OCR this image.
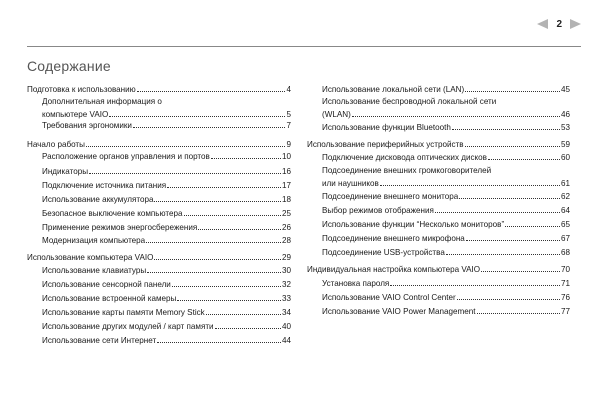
2
Содержание
Подготовка к использованию	4
Дополнительная информация о
компьютере VAIO	5
Требования эргономики	7
Начало работы	9
Расположение органов управления и портов	10
Индикаторы	16
Подключение источника питания	17
Использование аккумулятора	18
Безопасное выключение компьютера	25
Применение режимов энергосбережения	26
Модернизация компьютера	28
Использование компьютера VAIO	29
Использование клавиатуры	30
Использование сенсорной панели	32
Использование встроенной камеры	33
Использование карты памяти Memory Stick	34
Использование других модулей / карт памяти	40
Использование сети Интернет	44
Использование локальной сети (LAN)	45
Использование беспроводной локальной сети
(WLAN)	46
Использование функции Bluetooth	53
Использование периферийных устройств	59
Подключение дисковода оптических дисков	60
Подсоединение внешних громкоговорителей
или наушников	61
Подсоединение внешнего монитора	62
Выбор режимов отображения	64
Использование функции “Несколько мониторов”	65
Подсоединение внешнего микрофона	67
Подсоединение USB-устройства	68
Индивидуальная настройка компьютера VAIO	70
Установка пароля	71
Использование VAIO Control Center	76
Использование VAIO Power Management	77
